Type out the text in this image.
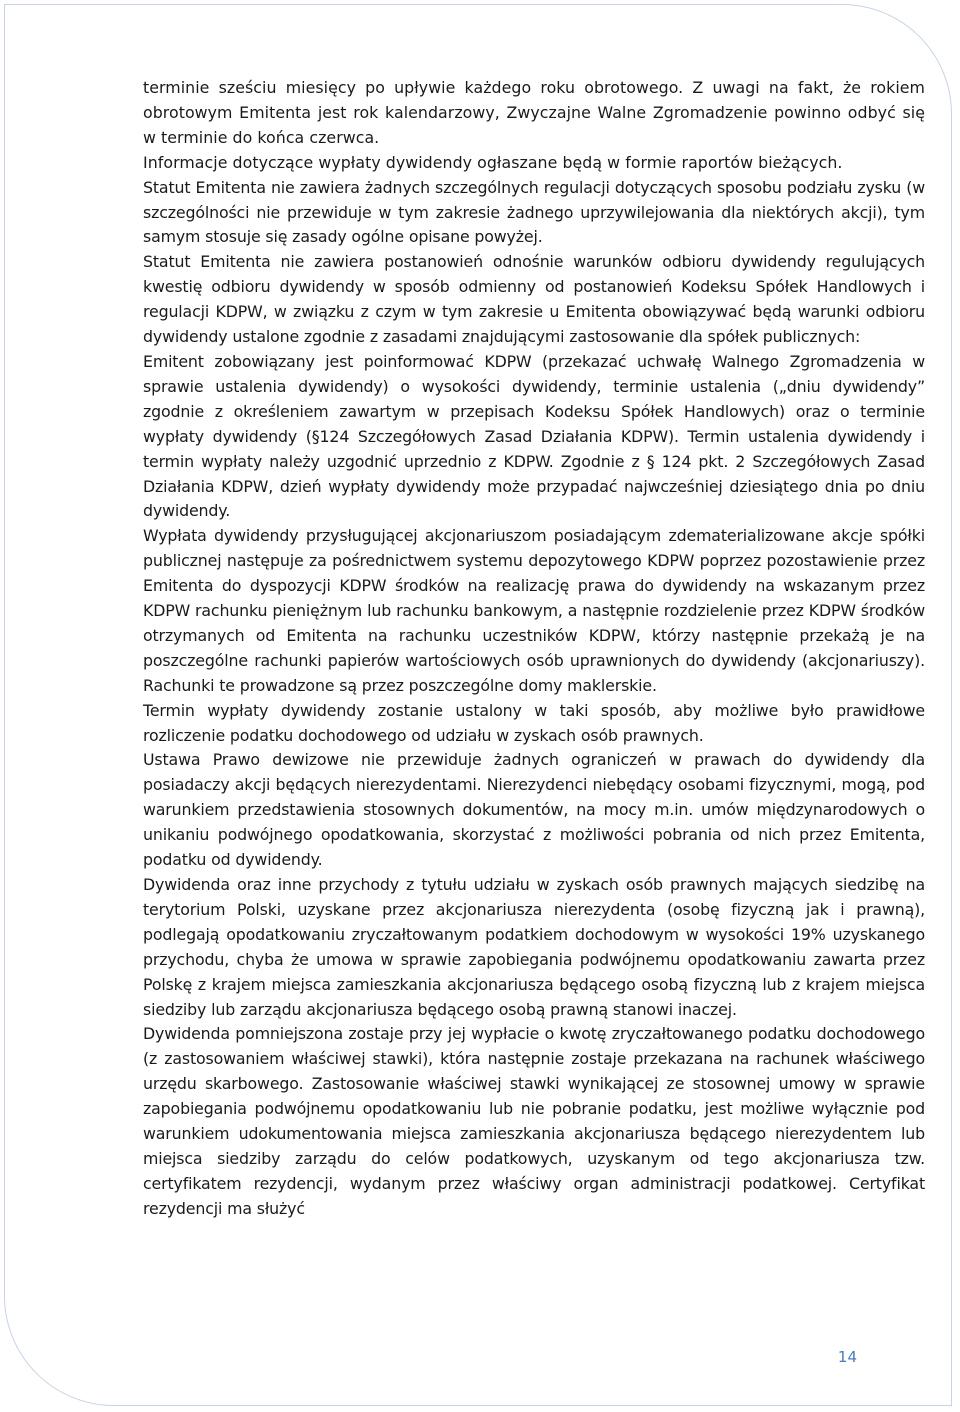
terminie sześciu miesięcy po upływie każdego roku obrotowego. Z uwagi na fakt, że rokiem obrotowym Emitenta jest rok kalendarzowy, Zwyczajne Walne Zgromadzenie powinno odbyć się w terminie do końca czerwca.

Informacje dotyczące wypłaty dywidendy ogłaszane będą w formie raportów bieżących.

Statut Emitenta nie zawiera żadnych szczególnych regulacji dotyczących sposobu podziału zysku (w szczególności nie przewiduje w tym zakresie żadnego uprzywilejowania dla niektórych akcji), tym samym stosuje się zasady ogólne opisane powyżej.

Statut Emitenta nie zawiera postanowień odnośnie warunków odbioru dywidendy regulujących kwestię odbioru dywidendy w sposób odmienny od postanowień Kodeksu Spółek Handlowych i regulacji KDPW, w związku z czym w tym zakresie u Emitenta obowiązywać będą warunki odbioru dywidendy ustalone zgodnie z zasadami znajdującymi zastosowanie dla spółek publicznych:

Emitent zobowiązany jest poinformować KDPW (przekazać uchwałę Walnego Zgromadzenia w sprawie ustalenia dywidendy) o wysokości dywidendy, terminie ustalenia („dniu dywidendy” zgodnie z określeniem zawartym w przepisach Kodeksu Spółek Handlowych) oraz o terminie wypłaty dywidendy (§124 Szczegółowych Zasad Działania KDPW). Termin ustalenia dywidendy i termin wypłaty należy uzgodnić uprzednio z KDPW. Zgodnie z § 124 pkt. 2 Szczegółowych Zasad Działania KDPW, dzień wypłaty dywidendy może przypadać najwcześniej dziesiątego dnia po dniu dywidendy.

Wypłata dywidendy przysługującej akcjonariuszom posiadającym zdematerializowane akcje spółki publicznej następuje za pośrednictwem systemu depozytowego KDPW poprzez pozostawienie przez Emitenta do dyspozycji KDPW środków na realizację prawa do dywidendy na wskazanym przez KDPW rachunku pieniężnym lub rachunku bankowym, a następnie rozdzielenie przez KDPW środków otrzymanych od Emitenta na rachunku uczestników KDPW, którzy następnie przekażą je na poszczególne rachunki papierów wartościowych osób uprawnionych do dywidendy (akcjonariuszy). Rachunki te prowadzone są przez poszczególne domy maklerskie.

Termin wypłaty dywidendy zostanie ustalony w taki sposób, aby możliwe było prawidłowe rozliczenie podatku dochodowego od udziału w zyskach osób prawnych.

Ustawa Prawo dewizowe nie przewiduje żadnych ograniczeń w prawach do dywidendy dla posiadaczy akcji będących nierezydentami. Nierezydenci niebędący osobami fizycznymi, mogą, pod warunkiem przedstawienia stosownych dokumentów, na mocy m.in. umów międzynarodowych o unikaniu podwójnego opodatkowania, skorzystać z możliwości pobrania od nich przez Emitenta, podatku od dywidendy.

Dywidenda oraz inne przychody z tytułu udziału w zyskach osób prawnych mających siedzibę na terytorium Polski, uzyskane przez akcjonariusza nierezydenta (osobę fizyczną jak i prawną), podlegają opodatkowaniu zryczałtowanym podatkiem dochodowym w wysokości 19% uzyskanego przychodu, chyba że umowa w sprawie zapobiegania podwójnemu opodatkowaniu zawarta przez Polskę z krajem miejsca zamieszkania akcjonariusza będącego osobą fizyczną lub z krajem miejsca siedziby lub zarządu akcjonariusza będącego osobą prawną stanowi inaczej.

Dywidenda pomniejszona zostaje przy jej wypłacie o kwotę zryczałtowanego podatku dochodowego (z zastosowaniem właściwej stawki), która następnie zostaje przekazana na rachunek właściwego urzędu skarbowego. Zastosowanie właściwej stawki wynikającej ze stosownej umowy w sprawie zapobiegania podwójnemu opodatkowaniu lub nie pobranie podatku, jest możliwe wyłącznie pod warunkiem udokumentowania miejsca zamieszkania akcjonariusza będącego nierezydentem lub miejsca siedziby zarządu do celów podatkowych, uzyskanym od tego akcjonariusza tzw. certyfikatem rezydencji, wydanym przez właściwy organ administracji podatkowej. Certyfikat rezydencji ma służyć

14
